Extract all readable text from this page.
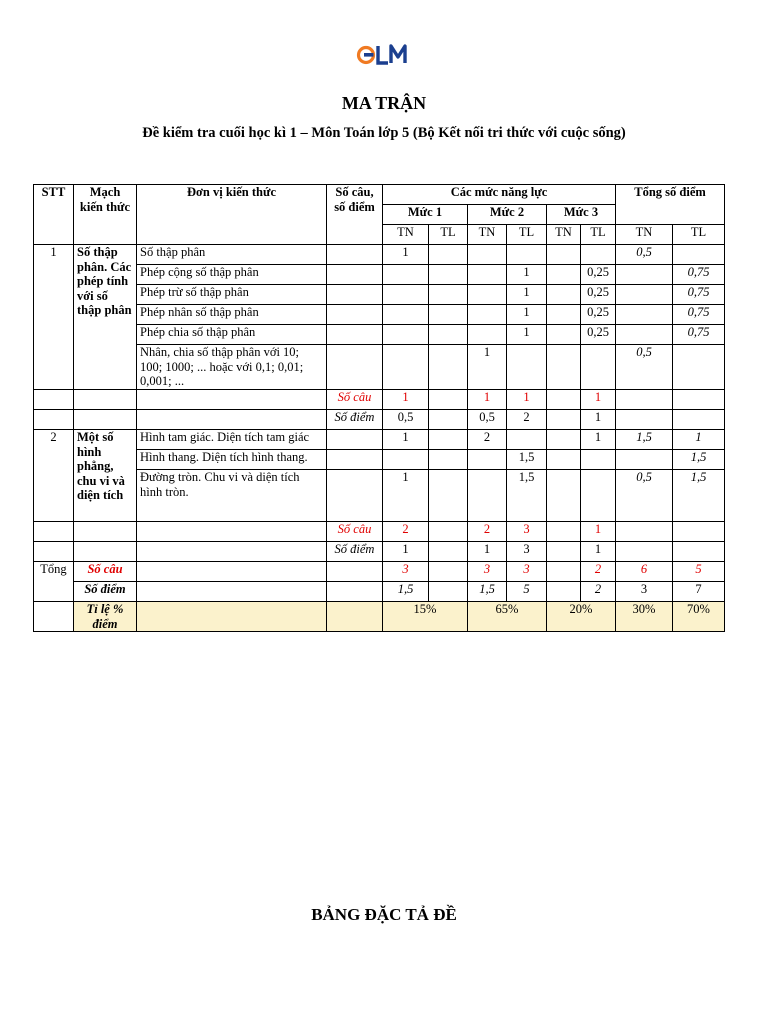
MA TRẬN
Đề kiểm tra cuối học kì 1 – Môn Toán lớp 5 (Bộ Kết nối tri thức với cuộc sống)
STT	Mạch kiến thức	Đơn vị kiến thức	Số câu, số điểm	Các mức năng lực						Tổng số điểm	
				Mức 1		Mức 2		Mức 3			
				TN	TL	TN	TL	TN	TL	TN	TL
1	Số thập phân. Các phép tính với số thập phân	Số thập phân		1						0,5	
		Phép cộng số thập phân					1		0,25		0,75
		Phép trừ số thập phân					1		0,25		0,75
		Phép nhân số thập phân					1		0,25		0,75
		Phép chia số thập phân					1		0,25		0,75
		Nhân, chia số thập phân với 10; 100; 1000; ... hoặc với 0,1; 0,01; 0,001; ...				1				0,5	
			Số câu	1		1	1		1		
			Số điểm	0,5		0,5	2		1		
2	Một số hình phẳng, chu vi và diện tích	Hình tam giác. Diện tích tam giác		1		2			1	1,5	1
		Hình thang. Diện tích hình thang.					1,5				1,5
		Đường tròn. Chu vi và diện tích hình tròn.		1			1,5			0,5	1,5
			Số câu	2		2	3		1		
			Số điểm	1		1	3		1		
Tổng	Số câu			3		3	3		2	6	5
	Số điểm			1,5		1,5	5		2	3	7
	Tỉ lệ % điểm			15%		65%		20%		30%	70%
BẢNG ĐẶC TẢ ĐỀ
